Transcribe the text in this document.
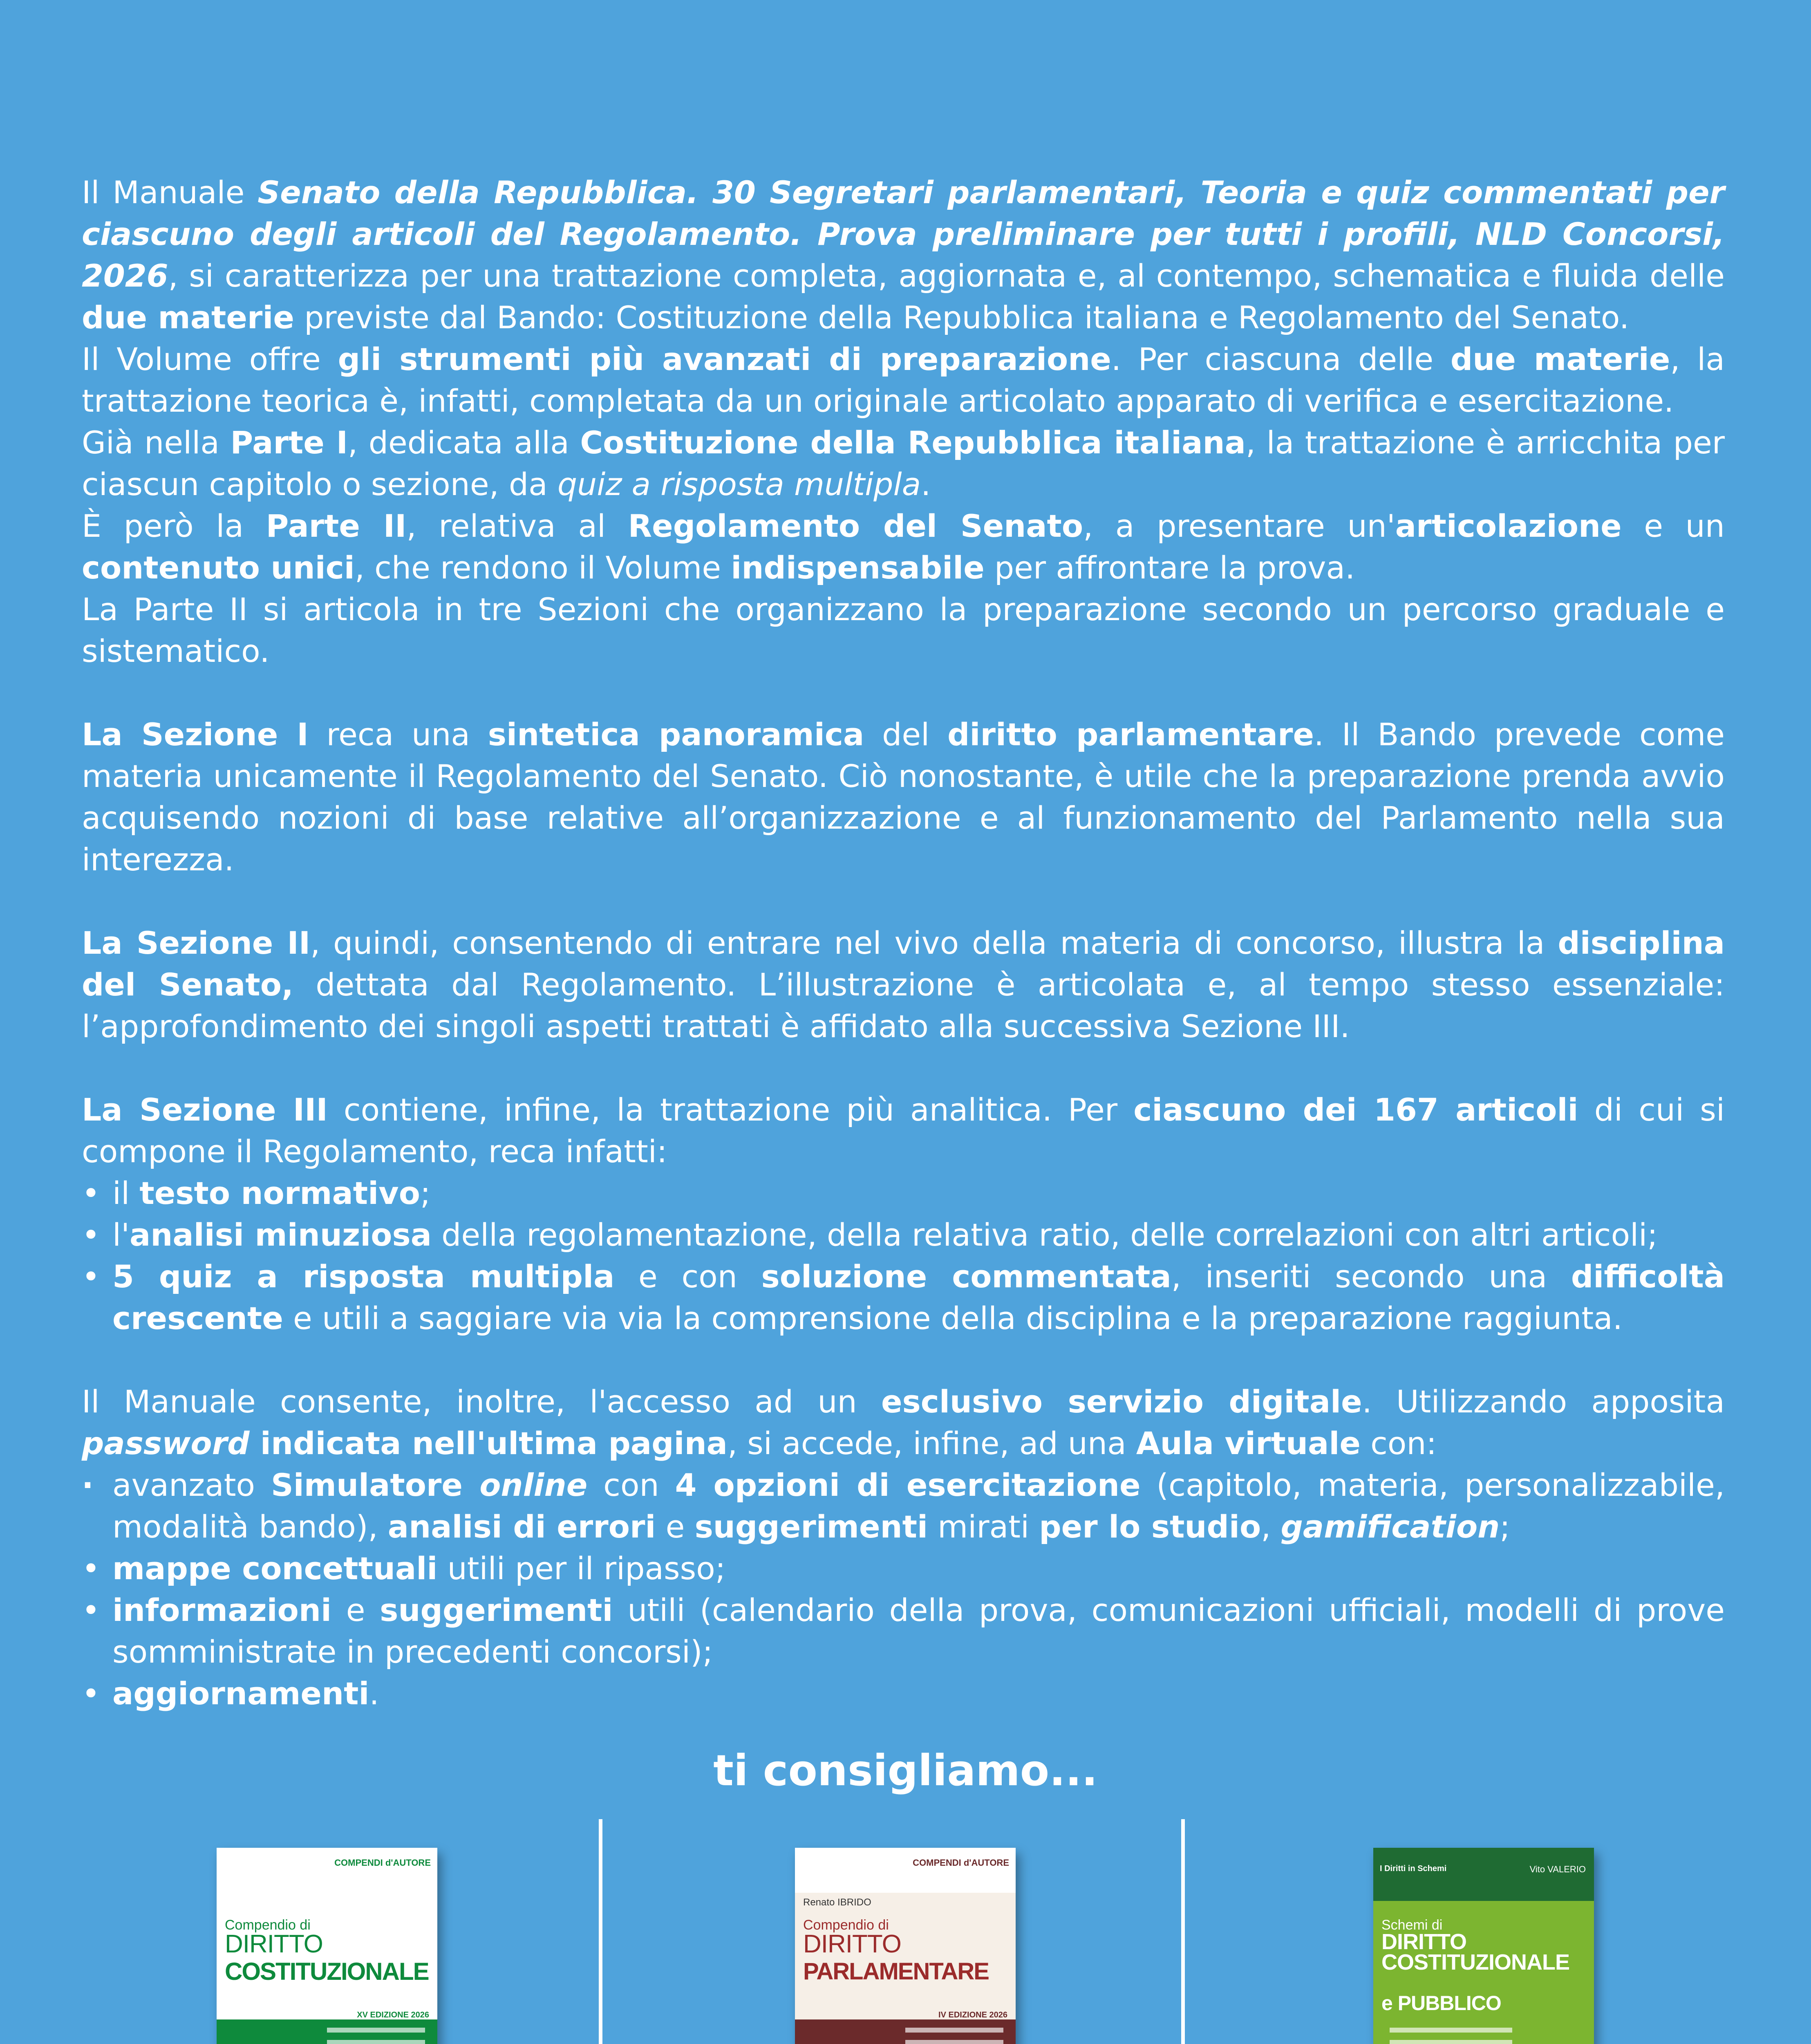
Il Manuale Senato della Repubblica. 30 Segretari parlamentari, Teoria e quiz commentati per ciascuno degli articoli del Regolamento. Prova preliminare per tutti i profili, NLD Concorsi, 2026, si caratterizza per una trattazione completa, aggiornata e, al contempo, schematica e fluida delle due materie previste dal Bando: Costituzione della Repubblica italiana e Regolamento del Senato.

Il Volume offre gli strumenti più avanzati di preparazione. Per ciascuna delle due materie, la trattazione teorica è, infatti, completata da un originale articolato apparato di verifica e esercitazione.

Già nella Parte I, dedicata alla Costituzione della Repubblica italiana, la trattazione è arricchita per ciascun capitolo o sezione, da quiz a risposta multipla.

È però la Parte II, relativa al Regolamento del Senato, a presentare un'articolazione e un contenuto unici, che rendono il Volume indispensabile per affrontare la prova.

La Parte II si articola in tre Sezioni che organizzano la preparazione secondo un percorso graduale e sistematico.

La Sezione I reca una sintetica panoramica del diritto parlamentare. Il Bando prevede come materia unicamente il Regolamento del Senato. Ciò nonostante, è utile che la preparazione prenda avvio acquisendo nozioni di base relative all’organizzazione e al funzionamento del Parlamento nella sua interezza.

La Sezione II, quindi, consentendo di entrare nel vivo della materia di concorso, illustra la disciplina del Senato, dettata dal Regolamento. L’illustrazione è articolata e, al tempo stesso essenziale: l’approfondimento dei singoli aspetti trattati è affidato alla successiva Sezione III.

La Sezione III contiene, infine, la trattazione più analitica. Per ciascuno dei 167 articoli di cui si compone il Regolamento, reca infatti:

• il testo normativo;
• l'analisi minuziosa della regolamentazione, della relativa ratio, delle correlazioni con altri articoli;
• 5 quiz a risposta multipla e con soluzione commentata, inseriti secondo una difficoltà crescente e utili a saggiare via via la comprensione della disciplina e la preparazione raggiunta.

Il Manuale consente, inoltre, l'accesso ad un esclusivo servizio digitale. Utilizzando apposita password indicata nell'ultima pagina, si accede, infine, ad una Aula virtuale con:

· avanzato Simulatore online con 4 opzioni di esercitazione (capitolo, materia, personalizzabile, modalità bando), analisi di errori e suggerimenti mirati per lo studio, gamification;
• mappe concettuali utili per il ripasso;
• informazioni e suggerimenti utili (calendario della prova, comunicazioni ufficiali, modelli di prove somministrate in precedenti concorsi);
• aggiornamenti.
ti consigliamo...
COMPENDI d'AUTORE
Compendio di
DIRITTO
COSTITUZIONALE
XV EDIZIONE 2026
COMPENDI d'AUTORE
Renato IBRIDO
Compendio di
DIRITTO
PARLAMENTARE
IV EDIZIONE 2026
I Diritti in Schemi	Vito VALERIO
Schemi di
DIRITTO COSTITUZIONALE
e PUBBLICO
